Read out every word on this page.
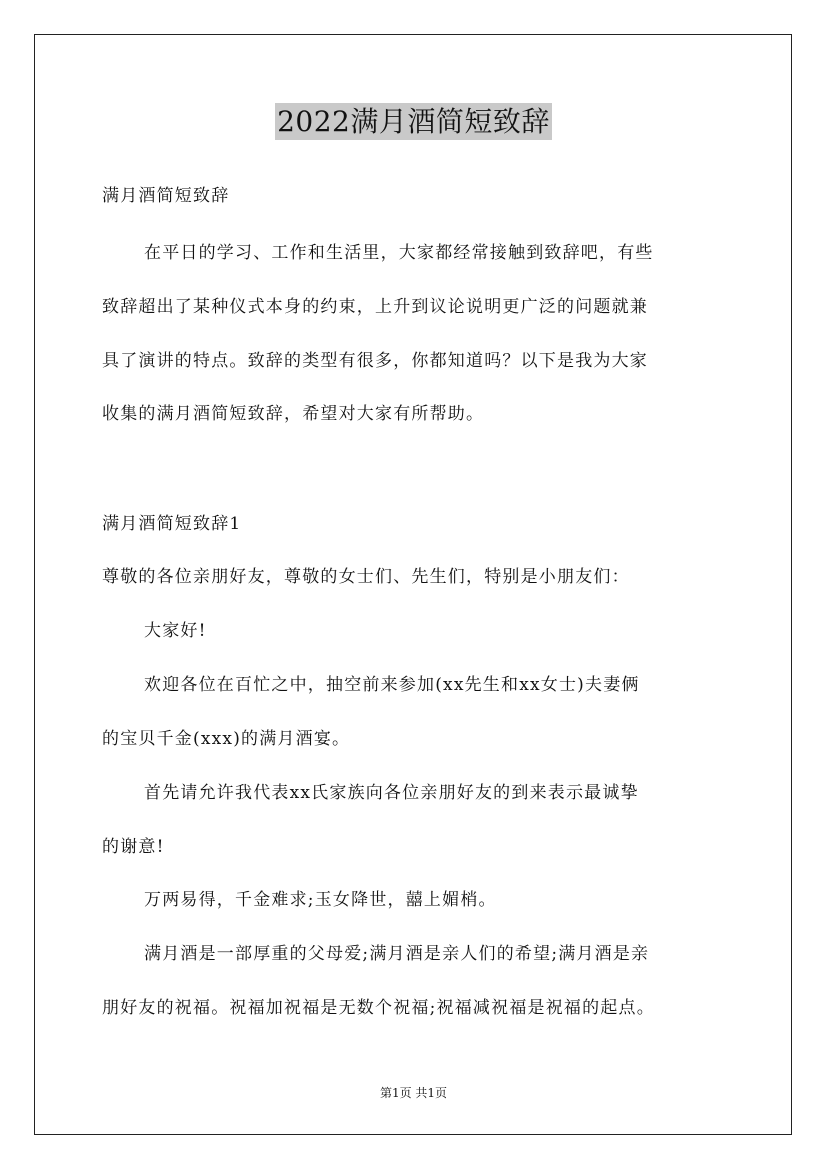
2022满月酒简短致辞
满月酒简短致辞
在平日的学习、工作和生活里，大家都经常接触到致辞吧，有些
致辞超出了某种仪式本身的约束，上升到议论说明更广泛的问题就兼
具了演讲的特点。致辞的类型有很多，你都知道吗？以下是我为大家
收集的满月酒简短致辞，希望对大家有所帮助。
满月酒简短致辞1
尊敬的各位亲朋好友，尊敬的女士们、先生们，特别是小朋友们：
大家好!
欢迎各位在百忙之中，抽空前来参加(xx先生和xx女士)夫妻俩
的宝贝千金(xxx)的满月酒宴。
首先请允许我代表xx氏家族向各位亲朋好友的到来表示最诚挚
的谢意!
万两易得，千金难求;玉女降世，囍上媚梢。
满月酒是一部厚重的父母爱;满月酒是亲人们的希望;满月酒是亲
朋好友的祝福。祝福加祝福是无数个祝福;祝福减祝福是祝福的起点。
第1页 共1页
